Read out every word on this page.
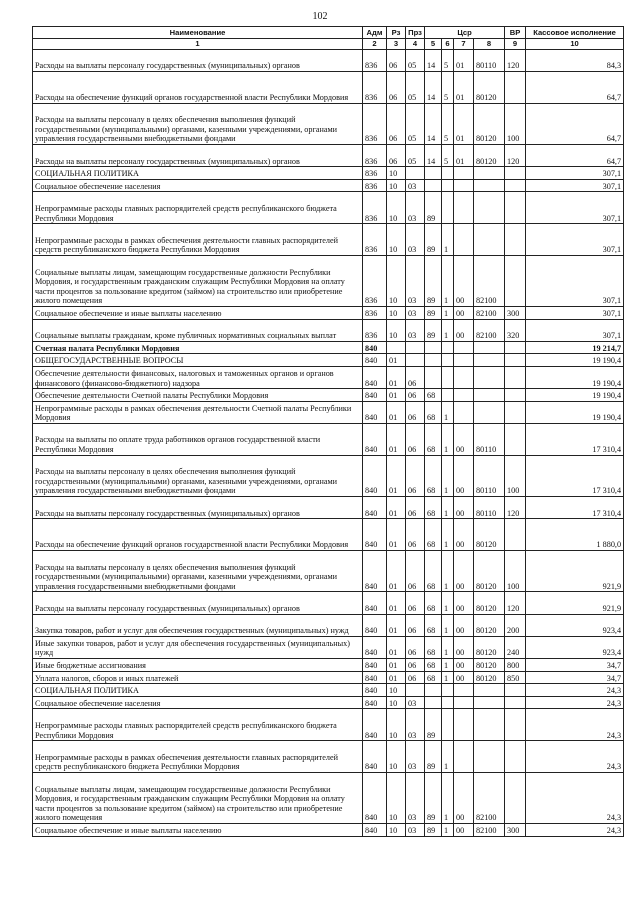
102
Наименование	Адм	Рз	Прз	Цср				ВР	Кассовое исполнение
1	2	3	4	5	6	7	8	9	10
Расходы на выплаты персоналу государственных (муниципальных) органов	836	06	05	14	5	01	80110	120	84,3
Расходы на обеспечение функций органов государственной власти Республики Мордовия	836	06	05	14	5	01	80120		64,7
Расходы на выплаты персоналу в целях обеспечения выполнения функций государственными (муниципальными) органами, казенными учреждениями, органами управления государственными внебюджетными фондами	836	06	05	14	5	01	80120	100	64,7
Расходы на выплаты персоналу государственных (муниципальных) органов	836	06	05	14	5	01	80120	120	64,7
СОЦИАЛЬНАЯ ПОЛИТИКА	836	10							307,1
Социальное обеспечение населения	836	10	03						307,1
Непрограммные расходы главных распорядителей средств республиканского бюджета Республики Мордовия	836	10	03	89					307,1
Непрограммные расходы в рамках обеспечения деятельности главных распорядителей средств республиканского бюджета Республики Мордовия	836	10	03	89	1				307,1
Социальные выплаты лицам, замещающим государственные должности Республики Мордовия, и государственным гражданским служащим Республики Мордовия на оплату части процентов за пользование кредитом (займом) на строительство или приобретение жилого помещения	836	10	03	89	1	00	82100		307,1
Социальное обеспечение и иные выплаты населению	836	10	03	89	1	00	82100	300	307,1
Социальные выплаты гражданам, кроме публичных нормативных социальных выплат	836	10	03	89	1	00	82100	320	307,1
Счетная палата Республики Мордовия	840								19 214,7
ОБЩЕГОСУДАРСТВЕННЫЕ ВОПРОСЫ	840	01							19 190,4
Обеспечение деятельности финансовых, налоговых и таможенных органов и органов финансового (финансово-бюджетного) надзора	840	01	06						19 190,4
Обеспечение деятельности Счетной палаты Республики Мордовия	840	01	06	68					19 190,4
Непрограммные расходы в рамках обеспечения деятельности Счетной палаты Республики Мордовия	840	01	06	68	1				19 190,4
Расходы на выплаты по оплате труда работников органов государственной власти Республики Мордовия	840	01	06	68	1	00	80110		17 310,4
Расходы на выплаты персоналу в целях обеспечения выполнения функций государственными (муниципальными) органами, казенными учреждениями, органами управления государственными внебюджетными фондами	840	01	06	68	1	00	80110	100	17 310,4
Расходы на выплаты персоналу государственных (муниципальных) органов	840	01	06	68	1	00	80110	120	17 310,4
Расходы на обеспечение функций органов государственной власти Республики Мордовия	840	01	06	68	1	00	80120		1 880,0
Расходы на выплаты персоналу в целях обеспечения выполнения функций государственными (муниципальными) органами, казенными учреждениями, органами управления государственными внебюджетными фондами	840	01	06	68	1	00	80120	100	921,9
Расходы на выплаты персоналу государственных (муниципальных) органов	840	01	06	68	1	00	80120	120	921,9
Закупка товаров, работ и услуг для обеспечения государственных (муниципальных) нужд	840	01	06	68	1	00	80120	200	923,4
Иные закупки товаров, работ и услуг для обеспечения государственных (муниципальных) нужд	840	01	06	68	1	00	80120	240	923,4
Иные бюджетные ассигнования	840	01	06	68	1	00	80120	800	34,7
Уплата налогов, сборов и иных платежей	840	01	06	68	1	00	80120	850	34,7
СОЦИАЛЬНАЯ ПОЛИТИКА	840	10							24,3
Социальное обеспечение населения	840	10	03						24,3
Непрограммные расходы главных распорядителей средств республиканского бюджета Республики Мордовия	840	10	03	89					24,3
Непрограммные расходы в рамках обеспечения деятельности главных распорядителей средств республиканского бюджета Республики Мордовия	840	10	03	89	1				24,3
Социальные выплаты лицам, замещающим государственные должности Республики Мордовия, и государственным гражданским служащим Республики Мордовия на оплату части процентов за пользование кредитом (займом) на строительство или приобретение жилого помещения	840	10	03	89	1	00	82100		24,3
Социальное обеспечение и иные выплаты населению	840	10	03	89	1	00	82100	300	24,3
